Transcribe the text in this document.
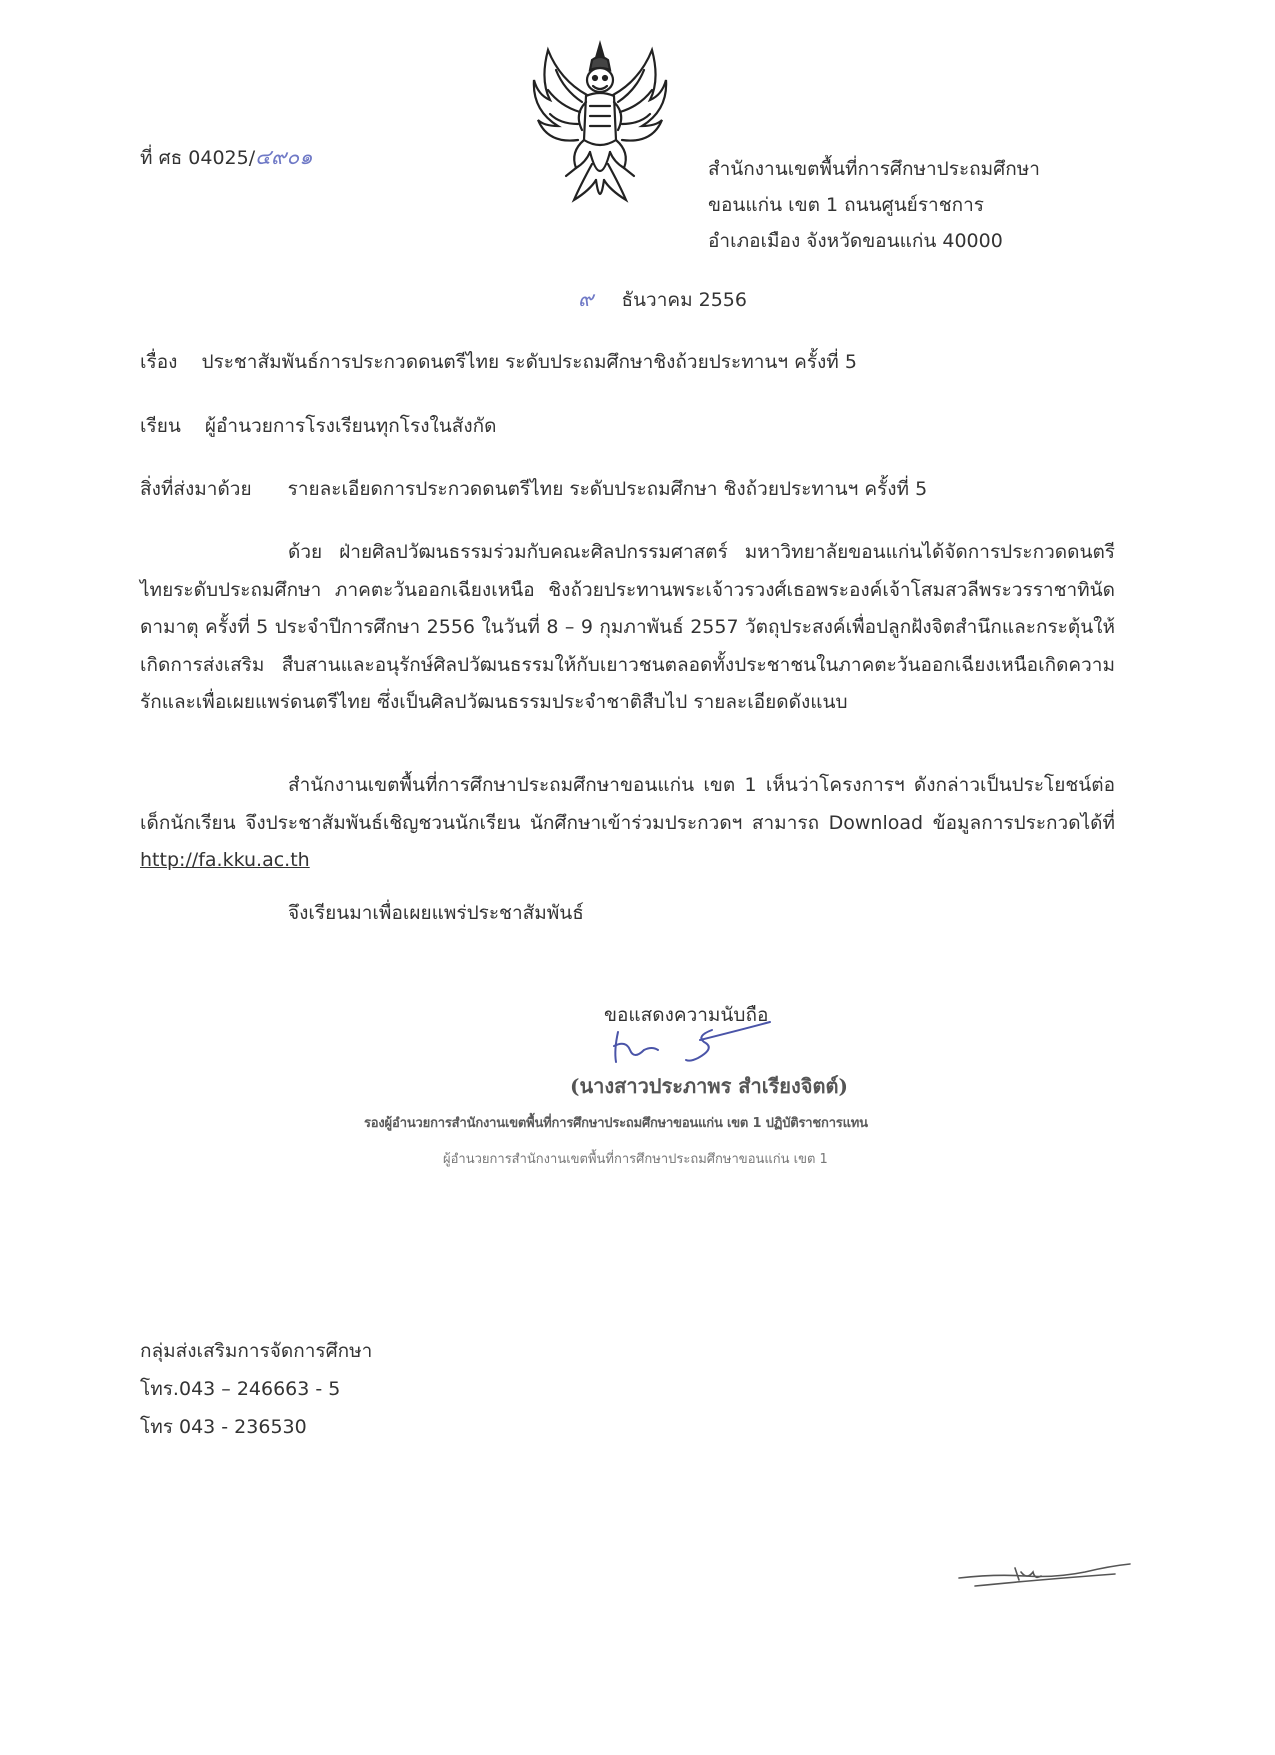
ที่ ศธ 04025/๔๙๐๑	สำนักงานเขตพื้นที่การศึกษาประถมศึกษา
ขอนแก่น เขต 1 ถนนศูนย์ราชการ
อำเภอเมือง จังหวัดขอนแก่น 40000
๙ ธันวาคม 2556
เรื่อง ประชาสัมพันธ์การประกวดดนตรีไทย ระดับประถมศึกษาชิงถ้วยประทานฯ ครั้งที่ 5
เรียน ผู้อำนวยการโรงเรียนทุกโรงในสังกัด
สิ่งที่ส่งมาด้วย รายละเอียดการประกวดดนตรีไทย ระดับประถมศึกษา ชิงถ้วยประทานฯ ครั้งที่ 5
ด้วย ฝ่ายศิลปวัฒนธรรมร่วมกับคณะศิลปกรรมศาสตร์ มหาวิทยาลัยขอนแก่นได้จัดการประกวดดนตรีไทยระดับประถมศึกษา ภาคตะวันออกเฉียงเหนือ ชิงถ้วยประทานพระเจ้าวรวงศ์เธอพระองค์เจ้าโสมสวลีพระวรราชาทินัดดามาตุ ครั้งที่ 5 ประจำปีการศึกษา 2556 ในวันที่ 8 – 9 กุมภาพันธ์ 2557 วัตถุประสงค์เพื่อปลูกฝังจิตสำนึกและกระตุ้นให้เกิดการส่งเสริม สืบสานและอนุรักษ์ศิลปวัฒนธรรมให้กับเยาวชนตลอดทั้งประชาชนในภาคตะวันออกเฉียงเหนือเกิดความรักและเพื่อเผยแพร่ดนตรีไทย ซึ่งเป็นศิลปวัฒนธรรมประจำชาติสืบไป รายละเอียดดังแนบ
สำนักงานเขตพื้นที่การศึกษาประถมศึกษาขอนแก่น เขต 1 เห็นว่าโครงการฯ ดังกล่าวเป็นประโยชน์ต่อเด็กนักเรียน จึงประชาสัมพันธ์เชิญชวนนักเรียน นักศึกษาเข้าร่วมประกวดฯ สามารถ Download ข้อมูลการประกวดได้ที่ http://fa.kku.ac.th
จึงเรียนมาเพื่อเผยแพร่ประชาสัมพันธ์
ขอแสดงความนับถือ
(นางสาวประภาพร สำเรียงจิตต์)
รองผู้อำนวยการสำนักงานเขตพื้นที่การศึกษาประถมศึกษาขอนแก่น เขต 1 ปฏิบัติราชการแทน
ผู้อำนวยการสำนักงานเขตพื้นที่การศึกษาประถมศึกษาขอนแก่น เขต 1
กลุ่มส่งเสริมการจัดการศึกษา
โทร.043 – 246663 - 5
โทร 043 - 236530
